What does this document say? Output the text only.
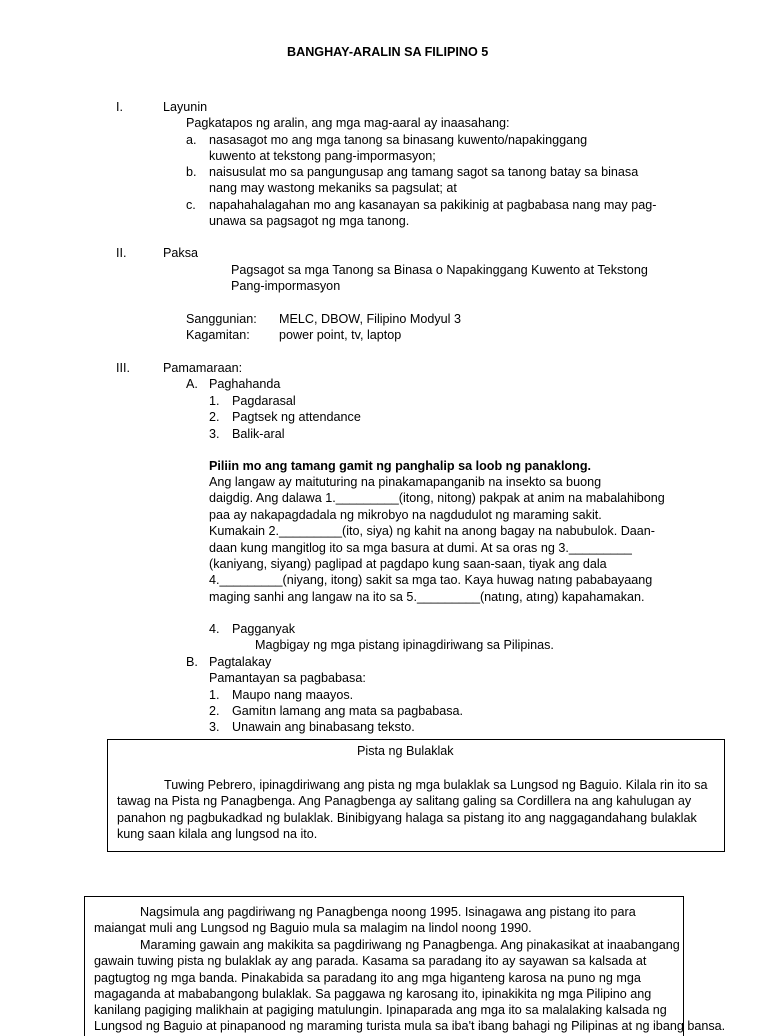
BANGHAY-ARALIN SA FILIPINO 5
I.	Layunin
Pagkatapos ng aralin, ang mga mag-aaral ay inaasahang:
a. nasasagot mo ang mga tanong sa binasang kuwento/napakinggang
kuwento at tekstong pang-impormasyon;
b. naisusulat mo sa pangungusap ang tamang sagot sa tanong batay sa binasa
nang may wastong mekaniks sa pagsulat; at
c. napahahalagahan mo ang kasanayan sa pakikinig at pagbabasa nang may pag-
unawa sa pagsagot ng mga tanong.
II.	Paksa
Pagsagot sa mga Tanong sa Binasa o Napakinggang Kuwento at Tekstong
Pang-impormasyon
Sanggunian: MELC, DBOW, Filipino Modyul 3
Kagamitan: power point, tv, laptop
III.	Pamamaraan:
A. Paghahanda
1. Pagdarasal
2. Pagtsek ng attendance
3. Balik-aral
Piliin mo ang tamang gamit ng panghalip sa loob ng panaklong.
Ang langaw ay maituturing na pinakamapanganib na insekto sa buong
daigdig. Ang dalawa 1._________(itong, nitong) pakpak at anim na mabalahibong
paa ay nakapagdadala ng mikrobyo na nagdudulot ng maraming sakit.
Kumakain 2._________(ito, siya) ng kahit na anong bagay na nabubulok. Daan-
daan kung mangitlog ito sa mga basura at dumi. At sa oras ng 3._________
(kaniyang, siyang) paglipad at pagdapo kung saan-saan, tiyak ang dala
4._________(niyang, itong) sakit sa mga tao. Kaya huwag natıng pababayaang
maging sanhi ang langaw na ito sa 5._________(natıng, atıng) kapahamakan.
4. Pagganyak
Magbigay ng mga pistang ipinagdiriwang sa Pilipinas.
B. Pagtalakay
Pamantayan sa pagbabasa:
1. Maupo nang maayos.
2. Gamitın lamang ang mata sa pagbabasa.
3. Unawain ang binabasang teksto.
Pista ng Bulaklak
Tuwing Pebrero, ipinagdiriwang ang pista ng mga bulaklak sa Lungsod ng Baguio. Kilala rin ito sa
tawag na Pista ng Panagbenga. Ang Panagbenga ay salitang galing sa Cordillera na ang kahulugan ay
panahon ng pagbukadkad ng bulaklak. Binibigyang halaga sa pistang ito ang naggagandahang bulaklak
kung saan kilala ang lungsod na ito.
Nagsimula ang pagdiriwang ng Panagbenga noong 1995. Isinagawa ang pistang ito para
maiangat muli ang Lungsod ng Baguio mula sa malagim na lindol noong 1990.
Maraming gawain ang makikita sa pagdiriwang ng Panagbenga. Ang pinakasikat at inaabangang
gawain tuwing pista ng bulaklak ay ang parada. Kasama sa paradang ito ay sayawan sa kalsada at
pagtugtog ng mga banda. Pinakabida sa paradang ito ang mga higanteng karosa na puno ng mga
magaganda at mababangong bulaklak. Sa paggawa ng karosang ito, ipinakikita ng mga Pilipino ang
kanilang pagiging malikhain at pagiging matulungin. Ipinaparada ang mga ito sa malalaking kalsada ng
Lungsod ng Baguio at pinapanood ng maraming turista mula sa iba't ibang bahagi ng Pilipinas at ng ibang bansa.
